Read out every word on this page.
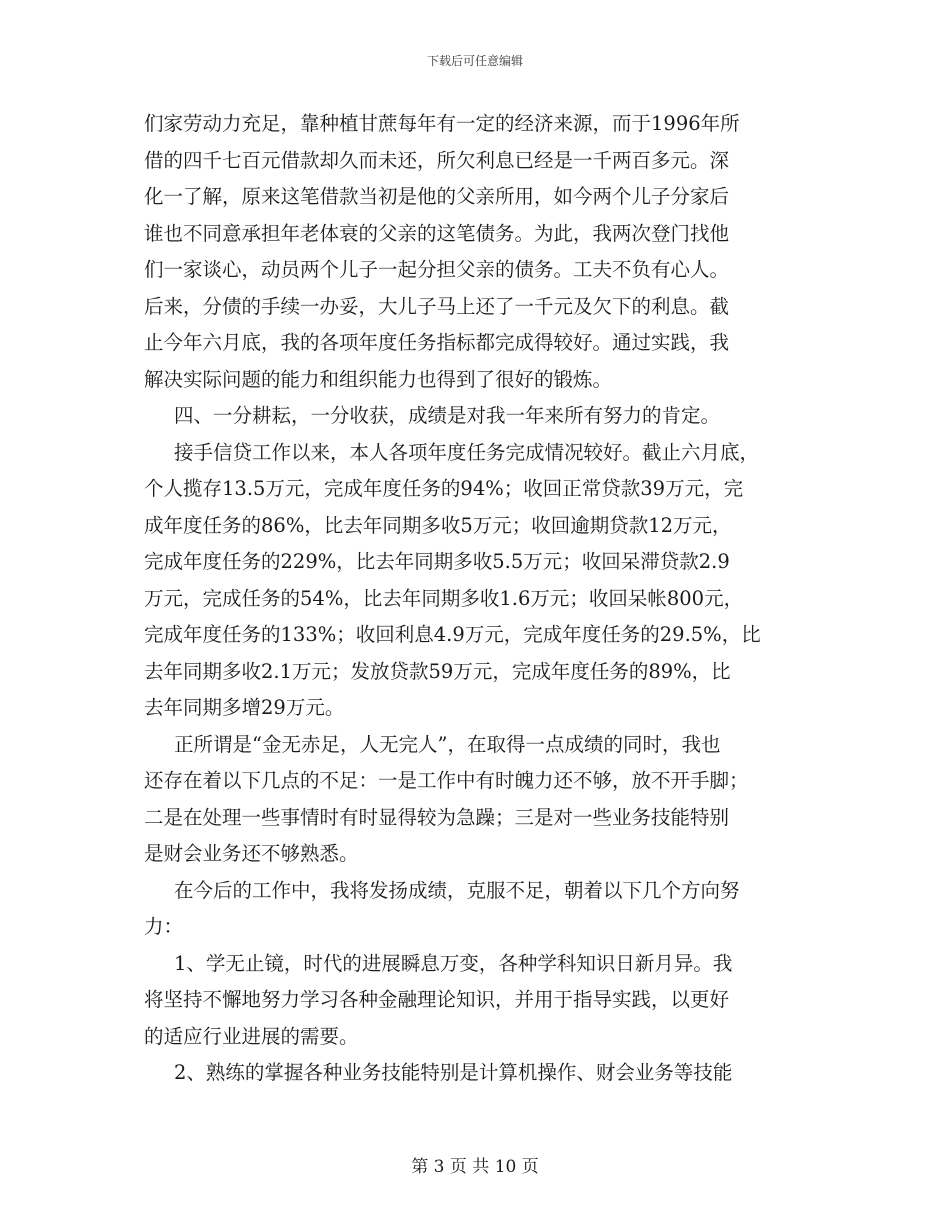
下载后可任意编辑
们家劳动力充足，靠种植甘蔗每年有一定的经济来源，而于1996年所
借的四千七百元借款却久而未还，所欠利息已经是一千两百多元。深
化一了解，原来这笔借款当初是他的父亲所用，如今两个儿子分家后
谁也不同意承担年老体衰的父亲的这笔债务。为此，我两次登门找他
们一家谈心，动员两个儿子一起分担父亲的债务。工夫不负有心人。
后来，分债的手续一办妥，大儿子马上还了一千元及欠下的利息。截
止今年六月底，我的各项年度任务指标都完成得较好。通过实践，我
解决实际问题的能力和组织能力也得到了很好的锻炼。
四、一分耕耘，一分收获，成绩是对我一年来所有努力的肯定。
接手信贷工作以来，本人各项年度任务完成情况较好。截止六月底，
个人揽存13.5万元，完成年度任务的94%；收回正常贷款39万元，完
成年度任务的86%，比去年同期多收5万元；收回逾期贷款12万元，
完成年度任务的229%，比去年同期多收5.5万元；收回呆滞贷款2.9
万元，完成任务的54%，比去年同期多收1.6万元；收回呆帐800元，
完成年度任务的133%；收回利息4.9万元，完成年度任务的29.5%，比
去年同期多收2.1万元；发放贷款59万元，完成年度任务的89%，比
去年同期多增29万元。
正所谓是“金无赤足，人无完人”，在取得一点成绩的同时，我也
还存在着以下几点的不足：一是工作中有时魄力还不够，放不开手脚；
二是在处理一些事情时有时显得较为急躁；三是对一些业务技能特别
是财会业务还不够熟悉。
在今后的工作中，我将发扬成绩，克服不足，朝着以下几个方向努
力：
1、学无止镜，时代的进展瞬息万变，各种学科知识日新月异。我
将坚持不懈地努力学习各种金融理论知识，并用于指导实践，以更好
的适应行业进展的需要。
2、熟练的掌握各种业务技能特别是计算机操作、财会业务等技能
第 3 页 共 10 页
